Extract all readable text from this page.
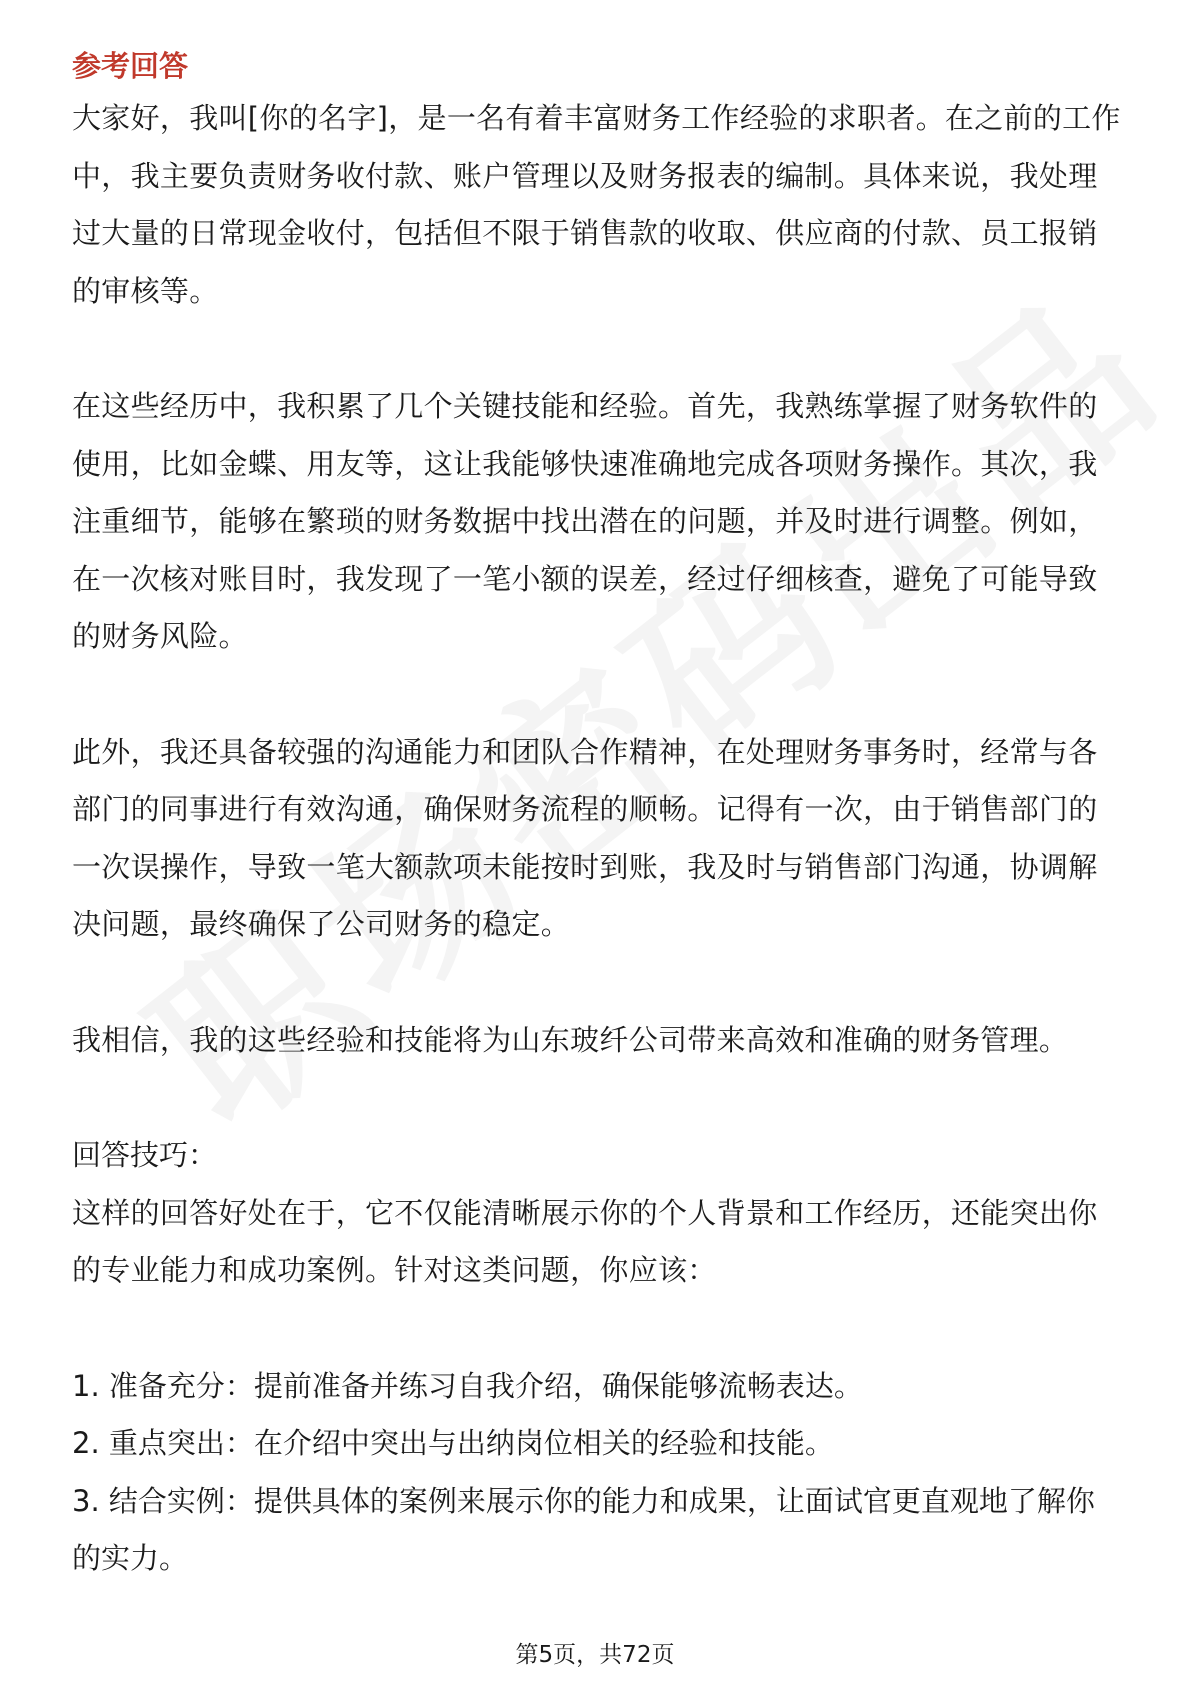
参考回答

大家好，我叫[你的名字]，是一名有着丰富财务工作经验的求职者。在之前的工作中，我主要负责财务收付款、账户管理以及财务报表的编制。具体来说，我处理过大量的日常现金收付，包括但不限于销售款的收取、供应商的付款、员工报销的审核等。

在这些经历中，我积累了几个关键技能和经验。首先，我熟练掌握了财务软件的使用，比如金蝶、用友等，这让我能够快速准确地完成各项财务操作。其次，我注重细节，能够在繁琐的财务数据中找出潜在的问题，并及时进行调整。例如，在一次核对账目时，我发现了一笔小额的误差，经过仔细核查，避免了可能导致的财务风险。

此外，我还具备较强的沟通能力和团队合作精神，在处理财务事务时，经常与各部门的同事进行有效沟通，确保财务流程的顺畅。记得有一次，由于销售部门的一次误操作，导致一笔大额款项未能按时到账，我及时与销售部门沟通，协调解决问题，最终确保了公司财务的稳定。

我相信，我的这些经验和技能将为山东玻纤公司带来高效和准确的财务管理。

回答技巧：

这样的回答好处在于，它不仅能清晰展示你的个人背景和工作经历，还能突出你的专业能力和成功案例。针对这类问题，你应该：

1. 准备充分：提前准备并练习自我介绍，确保能够流畅表达。
2. 重点突出：在介绍中突出与出纳岗位相关的经验和技能。
3. 结合实例：提供具体的案例来展示你的能力和成果，让面试官更直观地了解你的实力。
第5页，共72页
